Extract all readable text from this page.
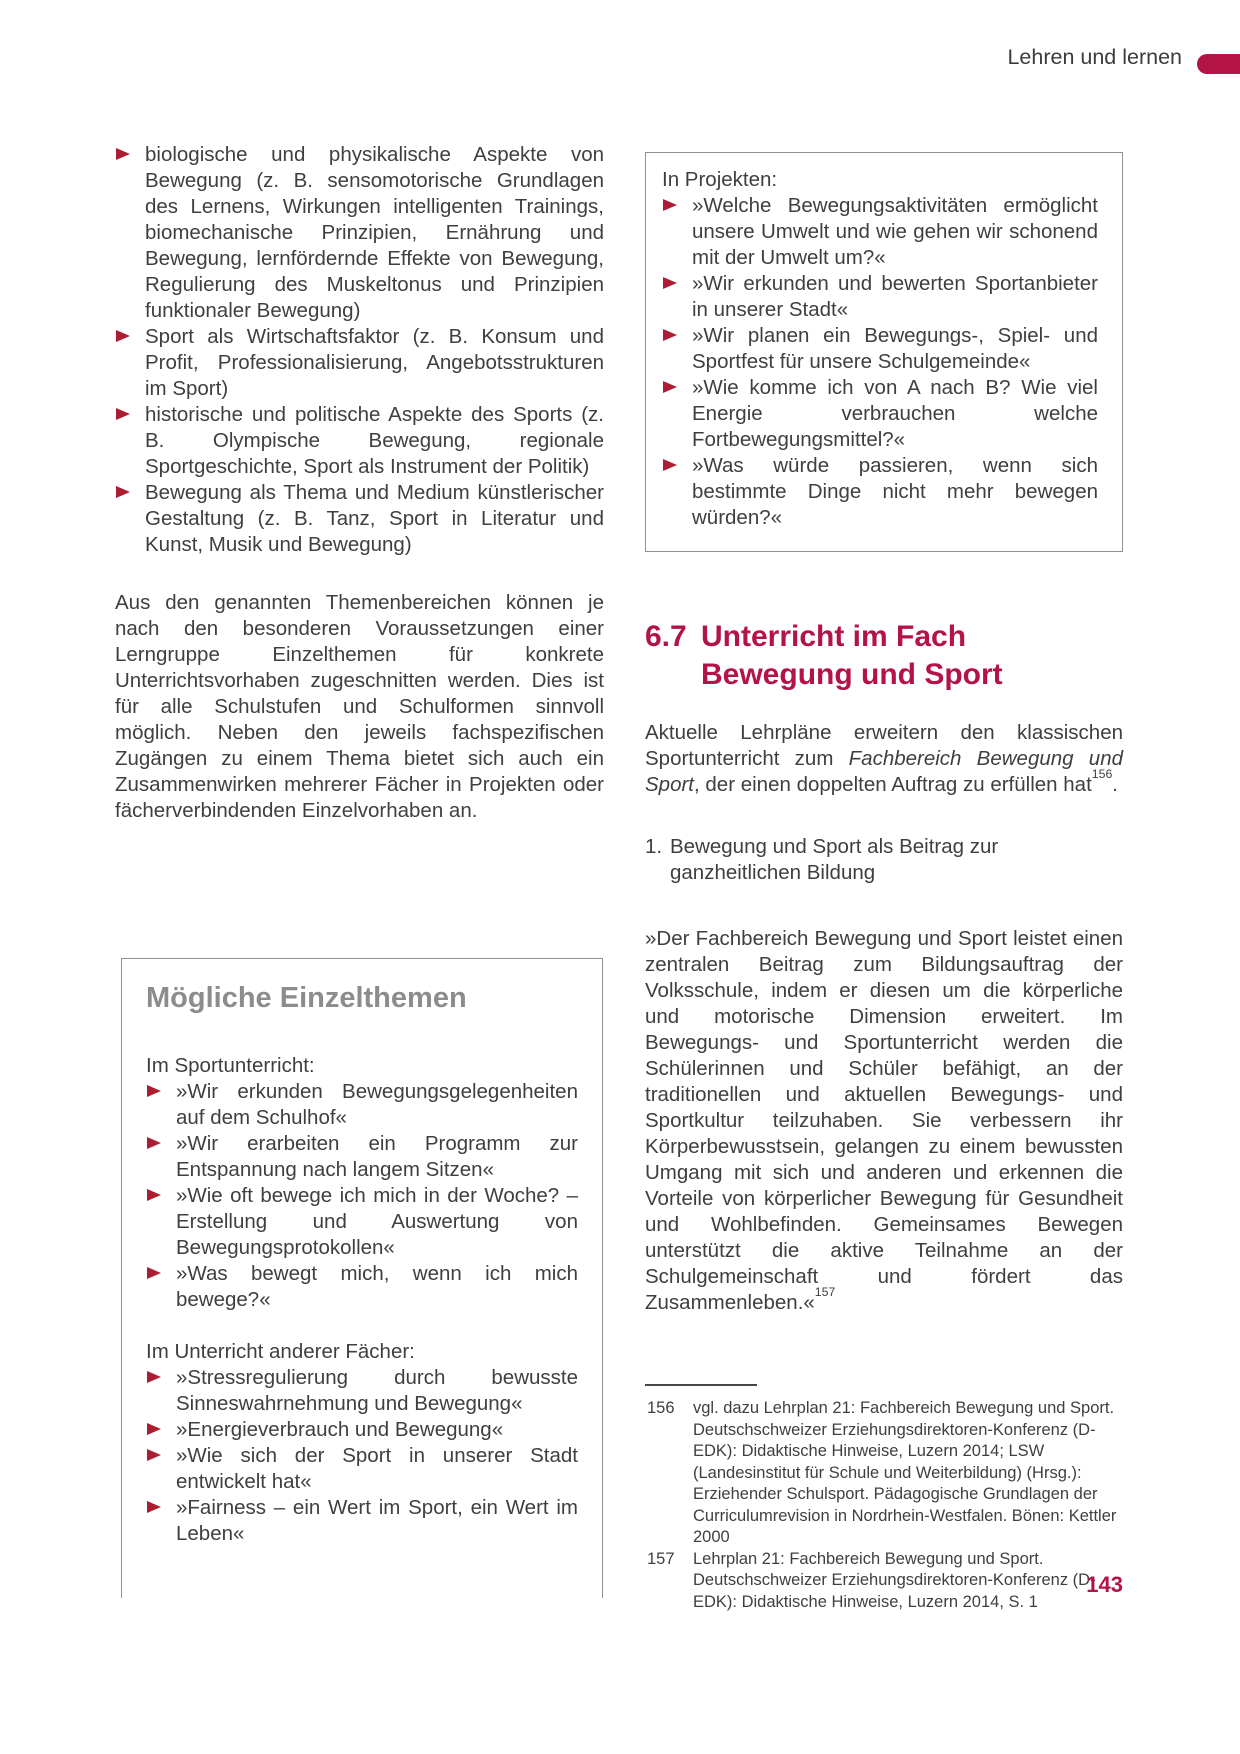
Lehren und lernen
biologische und physikalische Aspekte von Bewegung (z. B. sensomotorische Grundlagen des Lernens, Wirkungen intelligenten Trainings, biomechanische Prinzipien, Ernährung und Bewegung, lernfördernde Effekte von Bewegung, Regulierung des Muskeltonus und Prinzipien funktionaler Bewegung)
Sport als Wirtschaftsfaktor (z. B. Konsum und Profit, Professionalisierung, Angebotsstrukturen im Sport)
historische und politische Aspekte des Sports (z. B. Olympische Bewegung, regionale Sportgeschichte, Sport als Instrument der Politik)
Bewegung als Thema und Medium künstlerischer Gestaltung (z. B. Tanz, Sport in Literatur und Kunst, Musik und Bewegung)

Aus den genannten Themenbereichen können je nach den besonderen Voraussetzungen einer Lerngruppe Einzelthemen für konkrete Unterrichtsvorhaben zugeschnitten werden. Dies ist für alle Schulstufen und Schulformen sinnvoll möglich. Neben den jeweils fachspezifischen Zugängen zu einem Thema bietet sich auch ein Zusammenwirken mehrerer Fächer in Projekten oder fächerverbindenden Einzelvorhaben an.

Mögliche Einzelthemen

Im Sportunterricht:

»Wir erkunden Bewegungsgelegenheiten auf dem Schulhof«
»Wir erarbeiten ein Programm zur Entspannung nach langem Sitzen«
»Wie oft bewege ich mich in der Woche? – Erstellung und Auswertung von Bewegungsprotokollen«
»Was bewegt mich, wenn ich mich bewege?«

Im Unterricht anderer Fächer:

»Stressregulierung durch bewusste Sinneswahrnehmung und Bewegung«
»Energieverbrauch und Bewegung«
»Wie sich der Sport in unserer Stadt entwickelt hat«
»Fairness – ein Wert im Sport, ein Wert im Leben«

In Projekten:

»Welche Bewegungsaktivitäten ermöglicht unsere Umwelt und wie gehen wir schonend mit der Umwelt um?«
»Wir erkunden und bewerten Sportanbieter in unserer Stadt«
»Wir planen ein Bewegungs-, Spiel- und Sportfest für unsere Schulgemeinde«
»Wie komme ich von A nach B? Wie viel Energie verbrauchen welche Fortbewegungsmittel?«
»Was würde passieren, wenn sich bestimmte Dinge nicht mehr bewegen würden?«
6.7 Unterricht im Fach
Bewegung und Sport

Aktuelle Lehrpläne erweitern den klassischen Sportunterricht zum Fachbereich Bewegung und Sport, der einen doppelten Auftrag zu erfüllen hat$^{156}$.

1. Bewegung und Sport als Beitrag zur ganzheitlichen Bildung

»Der Fachbereich Bewegung und Sport leistet einen zentralen Beitrag zum Bildungsauftrag der Volksschule, indem er diesen um die körperliche und motorische Dimension erweitert. Im Bewegungs- und Sportunterricht werden die Schülerinnen und Schüler befähigt, an der traditionellen und aktuellen Bewegungs- und Sportkultur teilzuhaben. Sie verbessern ihr Körperbewusstsein, gelangen zu einem bewussten Umgang mit sich und anderen und erkennen die Vorteile von körperlicher Bewegung für Gesundheit und Wohlbefinden. Gemeinsames Bewegen unterstützt die aktive Teilnahme an der Schulgemeinschaft und fördert das Zusammenleben.«$^{157}$

156 vgl. dazu Lehrplan 21: Fachbereich Bewegung und Sport. Deutschschweizer Erziehungsdirektoren-Konferenz (D-EDK): Didaktische Hinweise, Luzern 2014; LSW (Landesinstitut für Schule und Weiterbildung) (Hrsg.): Erziehender Schulsport. Pädagogische Grundlagen der Curriculumrevision in Nordrhein-Westfalen. Bönen: Kettler 2000
157 Lehrplan 21: Fachbereich Bewegung und Sport. Deutschschweizer Erziehungsdirektoren-Konferenz (D-EDK): Didaktische Hinweise, Luzern 2014, S. 1
143
